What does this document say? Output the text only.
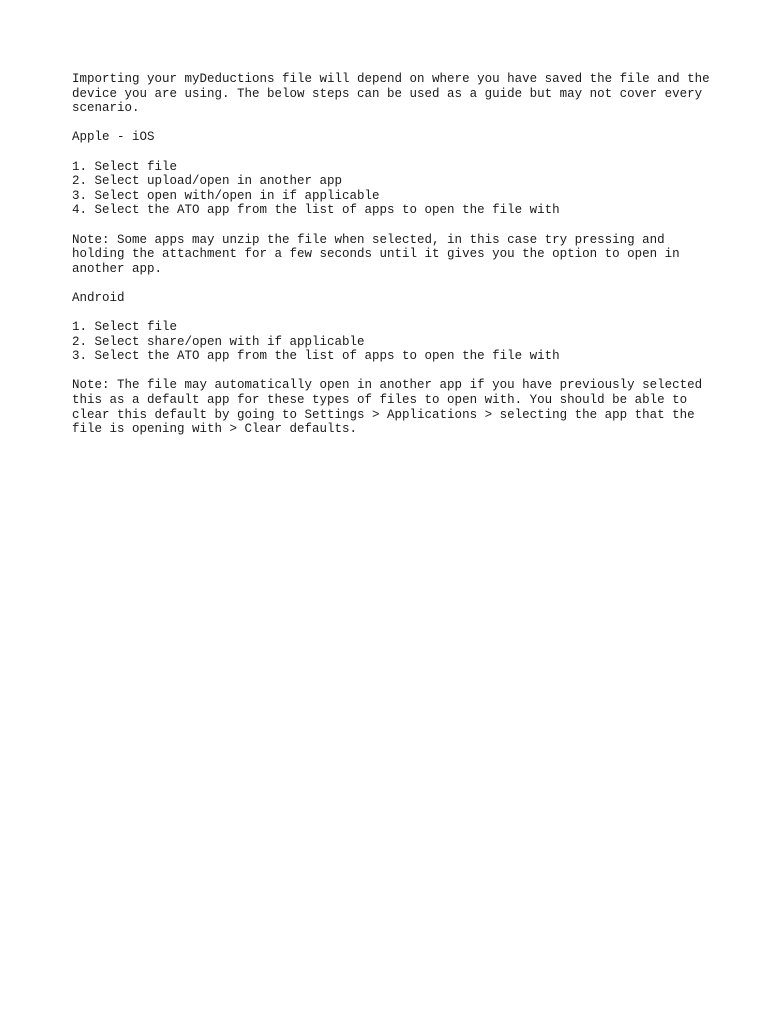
Importing your myDeductions file will depend on where you have saved the file and the device you are using. The below steps can be used as a guide but may not cover every scenario.

Apple - iOS

1. Select file
2. Select upload/open in another app
3. Select open with/open in if applicable
4. Select the ATO app from the list of apps to open the file with

Note: Some apps may unzip the file when selected, in this case try pressing and holding the attachment for a few seconds until it gives you the option to open in another app.

Android

1. Select file
2. Select share/open with if applicable
3. Select the ATO app from the list of apps to open the file with

Note: The file may automatically open in another app if you have previously selected this as a default app for these types of files to open with. You should be able to clear this default by going to Settings > Applications > selecting the app that the file is opening with > Clear defaults.
